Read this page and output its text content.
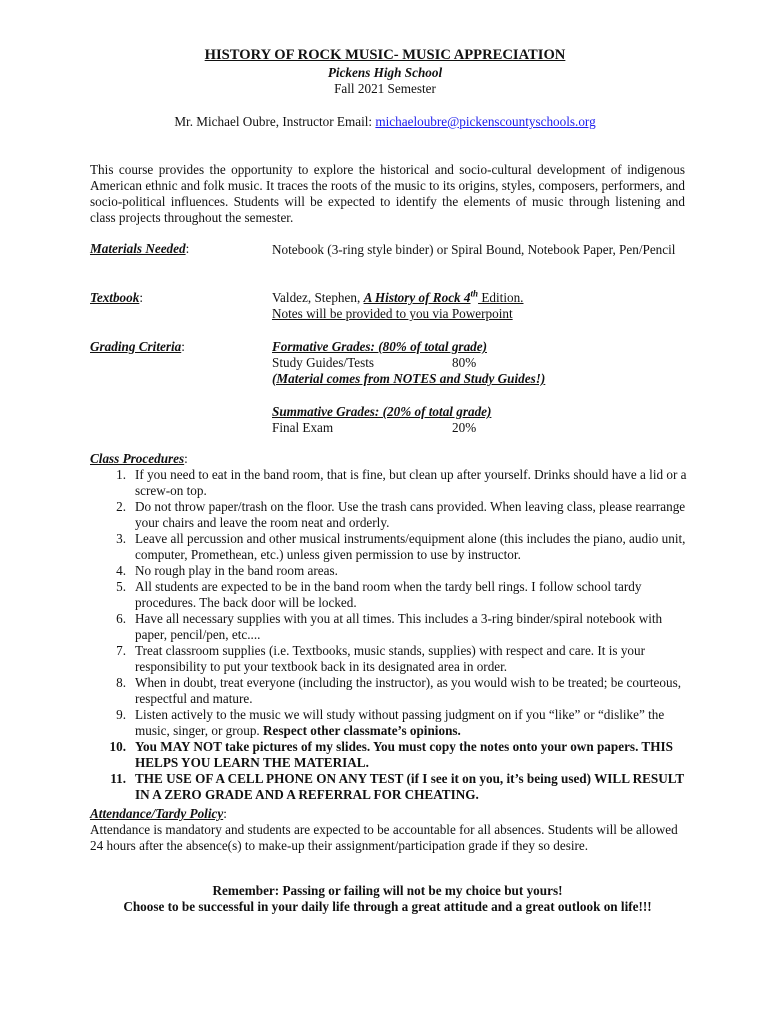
HISTORY OF ROCK MUSIC- MUSIC APPRECIATION
Pickens High School
Fall 2021 Semester
Mr. Michael Oubre, Instructor Email: michaeloubre@pickenscountyschools.org
This course provides the opportunity to explore the historical and socio-cultural development of indigenous American ethnic and folk music. It traces the roots of the music to its origins, styles, composers, performers, and socio-political influences. Students will be expected to identify the elements of music through listening and class projects throughout the semester.
Materials Needed:	Notebook (3-ring style binder) or Spiral Bound, Notebook Paper, Pen/Pencil
Textbook:	Valdez, Stephen, A History of Rock 4th Edition.
Notes will be provided to you via Powerpoint
Grading Criteria:	Formative Grades: (80% of total grade)
Study Guides/Tests	80%
(Material comes from NOTES and Study Guides!)
Summative Grades: (20% of total grade)
Final Exam	20%
Class Procedures:
1. If you need to eat in the band room, that is fine, but clean up after yourself. Drinks should have a lid or a screw-on top.
2. Do not throw paper/trash on the floor. Use the trash cans provided. When leaving class, please rearrange your chairs and leave the room neat and orderly.
3. Leave all percussion and other musical instruments/equipment alone (this includes the piano, audio unit, computer, Promethean, etc.) unless given permission to use by instructor.
4. No rough play in the band room areas.
5. All students are expected to be in the band room when the tardy bell rings. I follow school tardy procedures. The back door will be locked.
6. Have all necessary supplies with you at all times. This includes a 3-ring binder/spiral notebook with paper, pencil/pen, etc....
7. Treat classroom supplies (i.e. Textbooks, music stands, supplies) with respect and care. It is your responsibility to put your textbook back in its designated area in order.
8. When in doubt, treat everyone (including the instructor), as you would wish to be treated; be courteous, respectful and mature.
9. Listen actively to the music we will study without passing judgment on if you “like” or “dislike” the music, singer, or group. Respect other classmate’s opinions.
10. You MAY NOT take pictures of my slides. You must copy the notes onto your own papers. THIS HELPS YOU LEARN THE MATERIAL.
11. THE USE OF A CELL PHONE ON ANY TEST (if I see it on you, it’s being used) WILL RESULT IN A ZERO GRADE AND A REFERRAL FOR CHEATING.
Attendance/Tardy Policy:
Attendance is mandatory and students are expected to be accountable for all absences. Students will be allowed 24 hours after the absence(s) to make-up their assignment/participation grade if they so desire.
Remember: Passing or failing will not be my choice but yours!
Choose to be successful in your daily life through a great attitude and a great outlook on life!!!
